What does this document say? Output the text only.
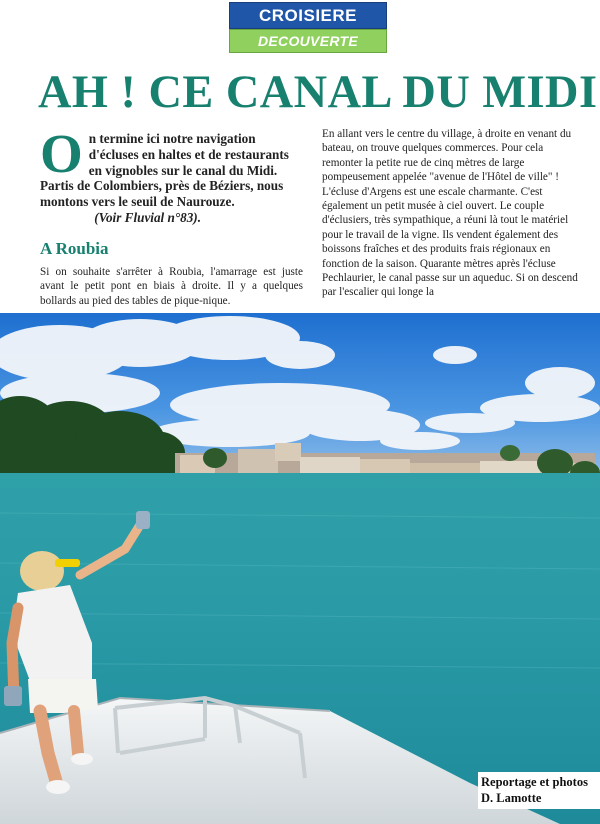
CROISIERE
DECOUVERTE
AH ! CE CANAL DU MIDI
O n termine ici notre navigation d'écluses en haltes et de restaurants en vignobles sur le canal du Midi. Partis de Colombiers, près de Béziers, nous montons vers le seuil de Naurouze.
(Voir Fluvial n°83).
A Roubia

Si on souhaite s'arrêter à Roubia, l'amarrage est juste avant le petit pont en biais à droite. Il y a quelques bollards au pied des tables de pique-nique.

En allant vers le centre du village, à droite en venant du bateau, on trouve quelques commerces. Pour cela remonter la petite rue de cinq mètres de large pompeusement appelée "avenue de l'Hôtel de ville" !

L'écluse d'Argens est une escale charmante. C'est également un petit musée à ciel ouvert. Le couple d'éclusiers, très sympathique, a réuni là tout le matériel pour le travail de la vigne. Ils vendent également des boissons fraîches et des produits frais régionaux en fonction de la saison. Quarante mètres après l'écluse Pechlaurier, le canal passe sur un aqueduc. Si on descend par l'escalier qui longe la

Reportage et photos
D. Lamotte
